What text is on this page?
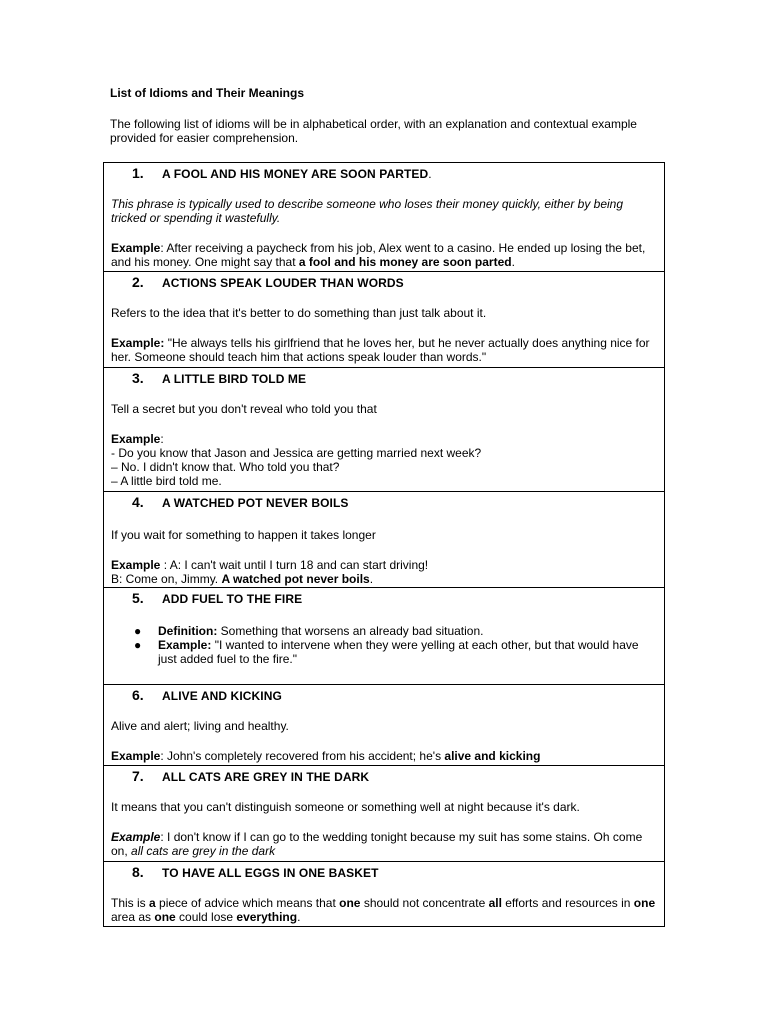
List of Idioms and Their Meanings

The following list of idioms will be in alphabetical order, with an explanation and contextual example provided for easier comprehension.

1.	A FOOL AND HIS MONEY ARE SOON PARTED.

This phrase is typically used to describe someone who loses their money quickly, either by being tricked or spending it wastefully.

Example: After receiving a paycheck from his job, Alex went to a casino. He ended up losing the bet, and his money. One might say that a fool and his money are soon parted.

2.	ACTIONS SPEAK LOUDER THAN WORDS

Refers to the idea that it's better to do something than just talk about it.

Example: "He always tells his girlfriend that he loves her, but he never actually does anything nice for her. Someone should teach him that actions speak louder than words."

3.	A LITTLE BIRD TOLD ME

Tell a secret but you don't reveal who told you that

Example:

- Do you know that Jason and Jessica are getting married next week?

– No. I didn't know that. Who told you that?

– A little bird told me.

4.	A WATCHED POT NEVER BOILS

If you wait for something to happen it takes longer

Example : A: I can't wait until I turn 18 and can start driving!

B: Come on, Jimmy. A watched pot never boils.

5.	ADD FUEL TO THE FIRE
● Definition: Something that worsens an already bad situation.
● Example: "I wanted to intervene when they were yelling at each other, but that would have just added fuel to the fire."

6.	ALIVE AND KICKING

Alive and alert; living and healthy.

Example: John's completely recovered from his accident; he's alive and kicking

7.	ALL CATS ARE GREY IN THE DARK

It means that you can't distinguish someone or something well at night because it's dark.

Example: I don't know if I can go to the wedding tonight because my suit has some stains. Oh come on, all cats are grey in the dark

8.	TO HAVE ALL EGGS IN ONE BASKET

This is a piece of advice which means that one should not concentrate all efforts and resources in one area as one could lose everything.
